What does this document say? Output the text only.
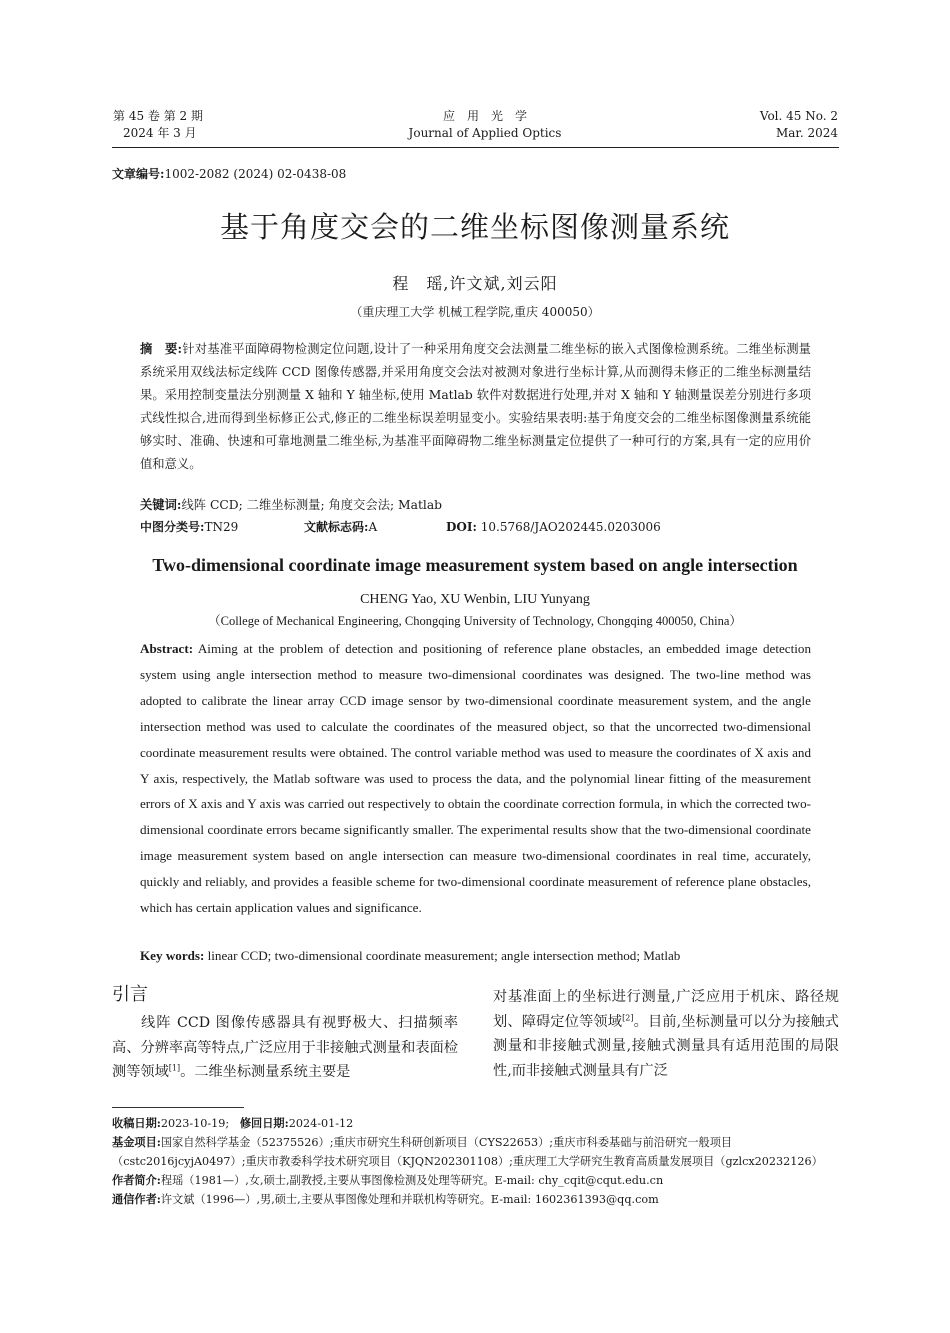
第 45 卷 第 2 期
2024 年 3 月
应用光学
Journal of Applied Optics
Vol. 45 No. 2
Mar. 2024
文章编号:1002-2082 (2024) 02-0438-08
基于角度交会的二维坐标图像测量系统
程　瑶,许文斌,刘云阳
（重庆理工大学 机械工程学院,重庆 400050）
摘　要:针对基准平面障碍物检测定位问题,设计了一种采用角度交会法测量二维坐标的嵌入式图像检测系统。二维坐标测量系统采用双线法标定线阵 CCD 图像传感器,并采用角度交会法对被测对象进行坐标计算,从而测得未修正的二维坐标测量结果。采用控制变量法分别测量 X 轴和 Y 轴坐标,使用 Matlab 软件对数据进行处理,并对 X 轴和 Y 轴测量误差分别进行多项式线性拟合,进而得到坐标修正公式,修正的二维坐标误差明显变小。实验结果表明:基于角度交会的二维坐标图像测量系统能够实时、准确、快速和可靠地测量二维坐标,为基准平面障碍物二维坐标测量定位提供了一种可行的方案,具有一定的应用价值和意义。
关键词:线阵 CCD; 二维坐标测量; 角度交会法; Matlab
中图分类号:TN29	文献标志码:A	DOI: 10.5768/JAO202445.0203006
Two-dimensional coordinate image measurement system based on angle intersection
CHENG Yao, XU Wenbin, LIU Yunyang
（College of Mechanical Engineering, Chongqing University of Technology, Chongqing 400050, China）
Abstract: Aiming at the problem of detection and positioning of reference plane obstacles, an embedded image detection system using angle intersection method to measure two-dimensional coordinates was designed. The two-line method was adopted to calibrate the linear array CCD image sensor by two-dimensional coordinate measurement system, and the angle intersection method was used to calculate the coordinates of the measured object, so that the uncorrected two-dimensional coordinate measurement results were obtained. The control variable method was used to measure the coordinates of X axis and Y axis, respectively, the Matlab software was used to process the data, and the polynomial linear fitting of the measurement errors of X axis and Y axis was carried out respectively to obtain the coordinate correction formula, in which the corrected two-dimensional coordinate errors became significantly smaller. The experimental results show that the two-dimensional coordinate image measurement system based on angle intersection can measure two-dimensional coordinates in real time, accurately, quickly and reliably, and provides a feasible scheme for two-dimensional coordinate measurement of reference plane obstacles, which has certain application values and significance.
Key words: linear CCD; two-dimensional coordinate measurement; angle intersection method; Matlab
引言
线阵 CCD 图像传感器具有视野极大、扫描频率高、分辨率高等特点,广泛应用于非接触式测量和表面检测等领域[1]。二维坐标测量系统主要是
对基准面上的坐标进行测量,广泛应用于机床、路径规划、障碍定位等领域[2]。目前,坐标测量可以分为接触式测量和非接触式测量,接触式测量具有适用范围的局限性,而非接触式测量具有广泛
收稿日期:2023-10-19; 修回日期:2024-01-12
基金项目:国家自然科学基金（52375526）;重庆市研究生科研创新项目（CYS22653）;重庆市科委基础与前沿研究一般项目（cstc2016jcyjA0497）;重庆市教委科学技术研究项目（KJQN202301108）;重庆理工大学研究生教育高质量发展项目（gzlcx20232126）
作者简介:程瑶（1981—）,女,硕士,副教授,主要从事图像检测及处理等研究。E-mail: chy_cqit@cqut.edu.cn
通信作者:许文斌（1996—）,男,硕士,主要从事图像处理和并联机构等研究。E-mail: 1602361393@qq.com
